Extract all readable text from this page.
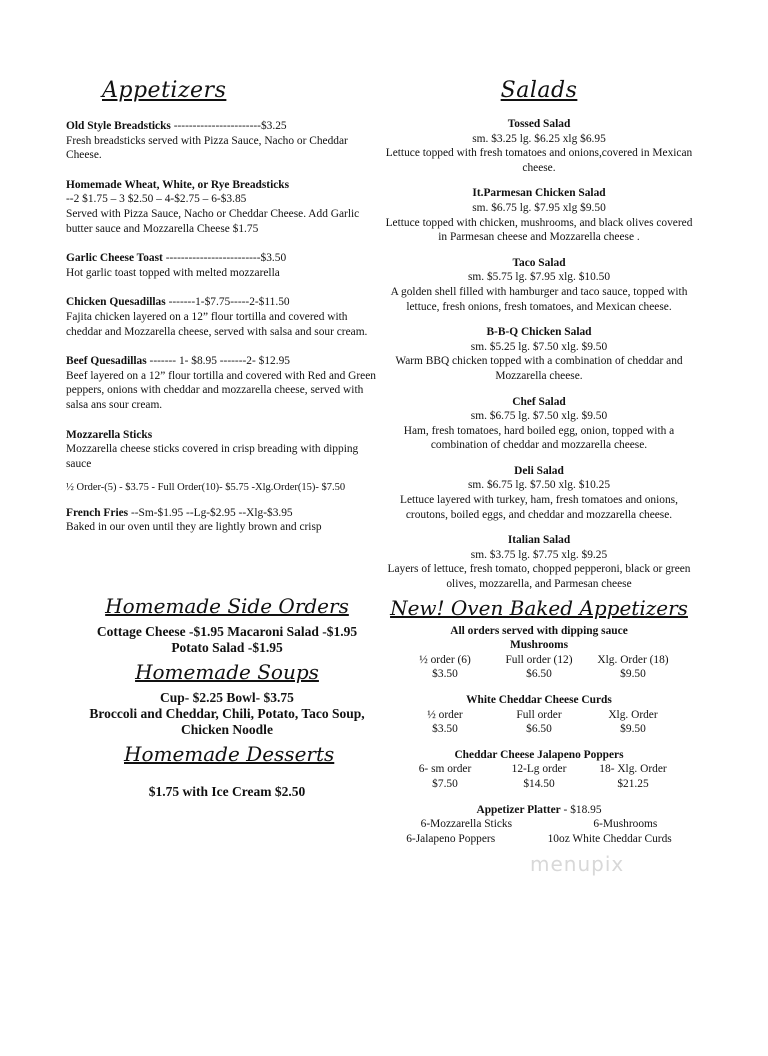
Appetizers
Old Style Breadsticks -----------------------$3.25
Fresh breadsticks served with Pizza Sauce, Nacho or Cheddar Cheese.
Homemade Wheat, White, or Rye Breadsticks
--2 $1.75 – 3 $2.50 – 4-$2.75 – 6-$3.85
Served with Pizza Sauce, Nacho or Cheddar Cheese. Add Garlic butter sauce and Mozzarella Cheese $1.75
Garlic Cheese Toast -------------------------$3.50
Hot garlic toast topped with melted mozzarella
Chicken Quesadillas -------1-$7.75-----2-$11.50
Fajita chicken layered on a 12” flour tortilla and covered with cheddar and Mozzarella cheese, served with salsa and sour cream.
Beef Quesadillas ------- 1- $8.95 -------2- $12.95
Beef layered on a 12” flour tortilla and covered with Red and Green peppers, onions with cheddar and mozzarella cheese, served with salsa ans sour cream.
Mozzarella Sticks
Mozzarella cheese sticks covered in crisp breading with dipping sauce
½ Order-(5) - $3.75 - Full Order(10)- $5.75 -Xlg.Order(15)- $7.50
French Fries --Sm-$1.95 --Lg-$2.95 --Xlg-$3.95
Baked in our oven until they are lightly brown and crisp
Homemade Side Orders
Cottage Cheese -$1.95 Macaroni Salad -$1.95
Potato Salad -$1.95
Homemade Soups
Cup- $2.25 Bowl- $3.75
Broccoli and Cheddar, Chili, Potato, Taco Soup,
Chicken Noodle
Homemade Desserts
$1.75 with Ice Cream $2.50
Salads
Tossed Salad
sm. $3.25 lg. $6.25 xlg $6.95
Lettuce topped with fresh tomatoes and onions,covered in Mexican cheese.
It.Parmesan Chicken Salad
sm. $6.75 lg. $7.95 xlg $9.50
Lettuce topped with chicken, mushrooms, and black olives covered in Parmesan cheese and Mozzarella cheese .
Taco Salad
sm. $5.75 lg. $7.95 xlg. $10.50
A golden shell filled with hamburger and taco sauce, topped with lettuce, fresh onions, fresh tomatoes, and Mexican cheese.
B-B-Q Chicken Salad
sm. $5.25 lg. $7.50 xlg. $9.50
Warm BBQ chicken topped with a combination of cheddar and Mozzarella cheese.
Chef Salad
sm. $6.75 lg. $7.50 xlg. $9.50
Ham, fresh tomatoes, hard boiled egg, onion, topped with a combination of cheddar and mozzarella cheese.
Deli Salad
sm. $6.75 lg. $7.50 xlg. $10.25
Lettuce layered with turkey, ham, fresh tomatoes and onions, croutons, boiled eggs, and cheddar and mozzarella cheese.
Italian Salad
sm. $3.75 lg. $7.75 xlg. $9.25
Layers of lettuce, fresh tomato, chopped pepperoni, black or green olives, mozzarella, and Parmesan cheese
New! Oven Baked Appetizers
All orders served with dipping sauce
Mushrooms
½ order (6)	Full order (12)	Xlg. Order (18)
$3.50	$6.50	$9.50
White Cheddar Cheese Curds
½ order	Full order	Xlg. Order
$3.50	$6.50	$9.50
Cheddar Cheese Jalapeno Poppers
6- sm order	12-Lg order	18- Xlg. Order
$7.50	$14.50	$21.25
Appetizer Platter - $18.95
6-Mozzarella Sticks	6-Mushrooms
6-Jalapeno Poppers	10oz White Cheddar Curds
menupix
